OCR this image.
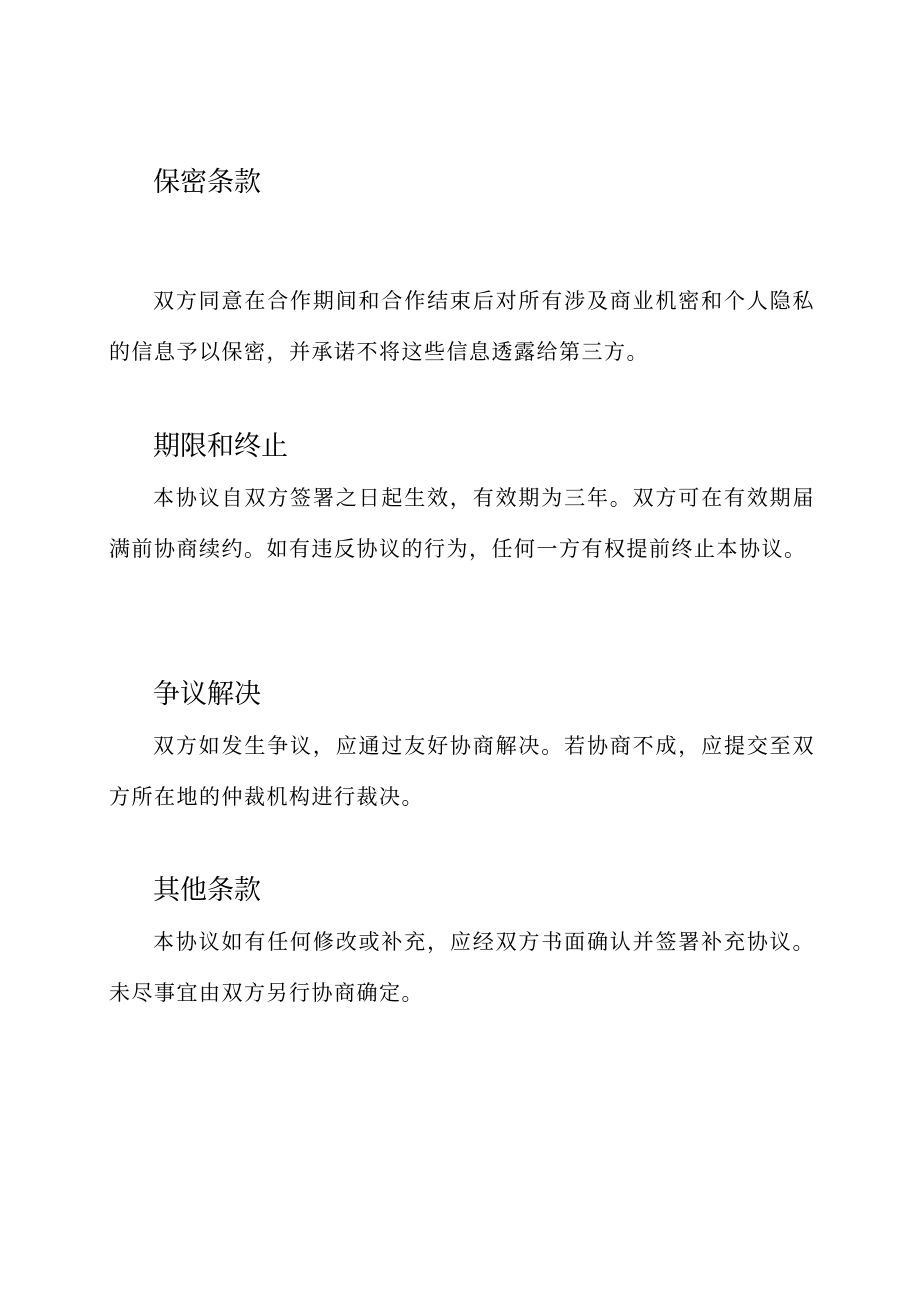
保密条款

双方同意在合作期间和合作结束后对所有涉及商业机密和个人隐私的信息予以保密，并承诺不将这些信息透露给第三方。

期限和终止

本协议自双方签署之日起生效，有效期为三年。双方可在有效期届满前协商续约。如有违反协议的行为，任何一方有权提前终止本协议。

争议解决

双方如发生争议，应通过友好协商解决。若协商不成，应提交至双方所在地的仲裁机构进行裁决。

其他条款

本协议如有任何修改或补充，应经双方书面确认并签署补充协议。未尽事宜由双方另行协商确定。
